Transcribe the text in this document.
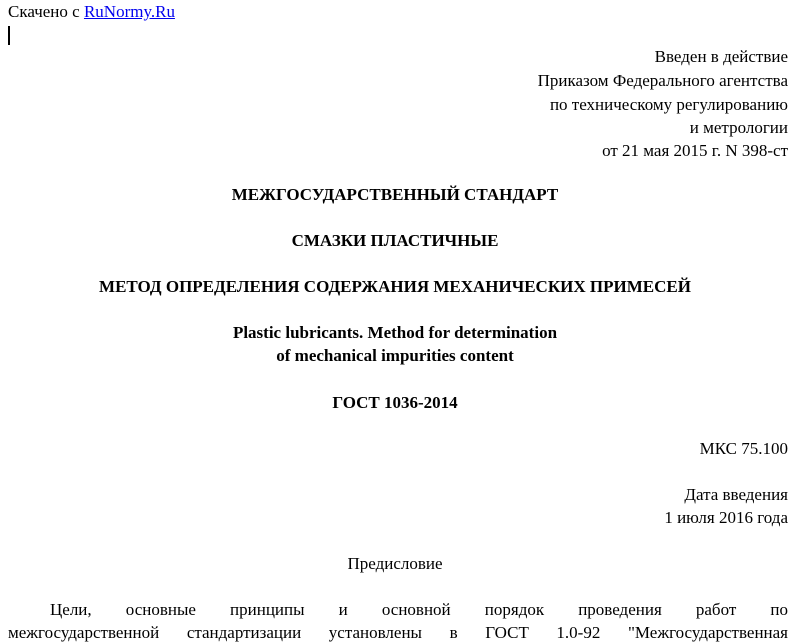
Скачено с RuNormy.Ru
Введен в действие
Приказом Федерального агентства
по техническому регулированию
и метрологии
от 21 мая 2015 г. N 398-ст
МЕЖГОСУДАРСТВЕННЫЙ СТАНДАРТ
СМАЗКИ ПЛАСТИЧНЫЕ
МЕТОД ОПРЕДЕЛЕНИЯ СОДЕРЖАНИЯ МЕХАНИЧЕСКИХ ПРИМЕСЕЙ
Plastic lubricants. Method for determination
of mechanical impurities content
ГОСТ 1036-2014
МКС 75.100
Дата введения
1 июля 2016 года
Предисловие
Цели, основные принципы и основной порядок проведения работ по
межгосударственной стандартизации установлены в ГОСТ 1.0-92 "Межгосударственная
